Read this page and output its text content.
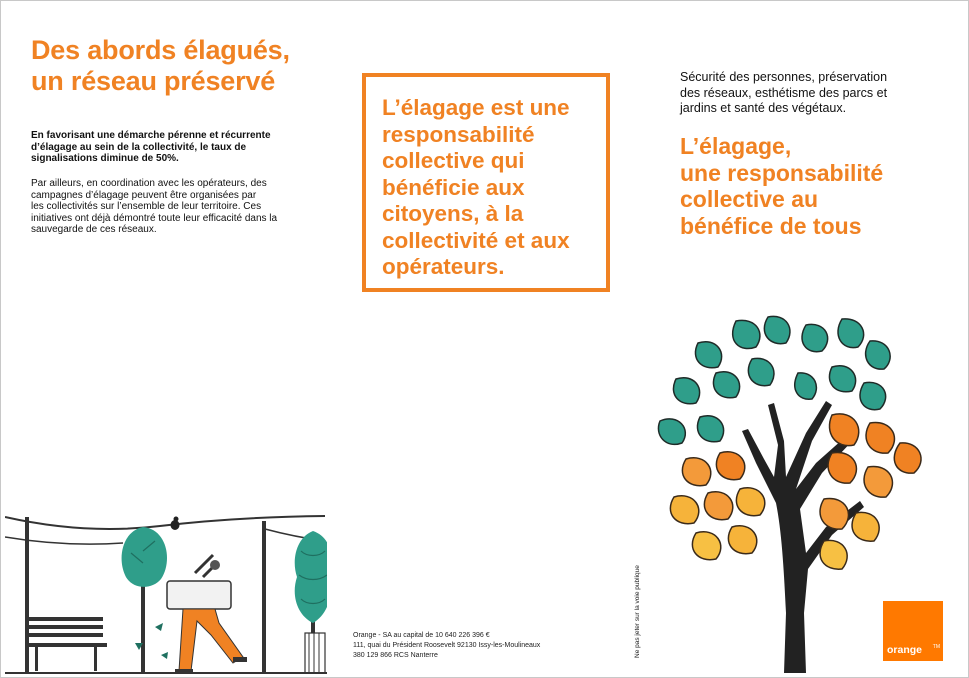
Des abords élagués,
un réseau préservé

En favorisant une démarche pérenne et récurrente
d’élagage au sein de la collectivité, le taux de
signalisations diminue de 50%.

Par ailleurs, en coordination avec les opérateurs, des
campagnes d’élagage peuvent être organisées par
les collectivités sur l’ensemble de leur territoire. Ces
initiatives ont déjà démontré toute leur efficacité dans la
sauvegarde de ces réseaux.

L’élagage est une
responsabilité
collective qui
bénéficie aux
citoyens, à la
collectivité et aux
opérateurs.

Orange - SA au capital de 10 640 226 396 €
111, quai du Président Roosevelt 92130 Issy-les-Moulineaux
380 129 866 RCS Nanterre	Ne pas jeter sur la voie publique

Sécurité des personnes, préservation
des réseaux, esthétisme des parcs et
jardins et santé des végétaux.

L’élagage,
une responsabilité
collective au
bénéfice de tous
orange TM
